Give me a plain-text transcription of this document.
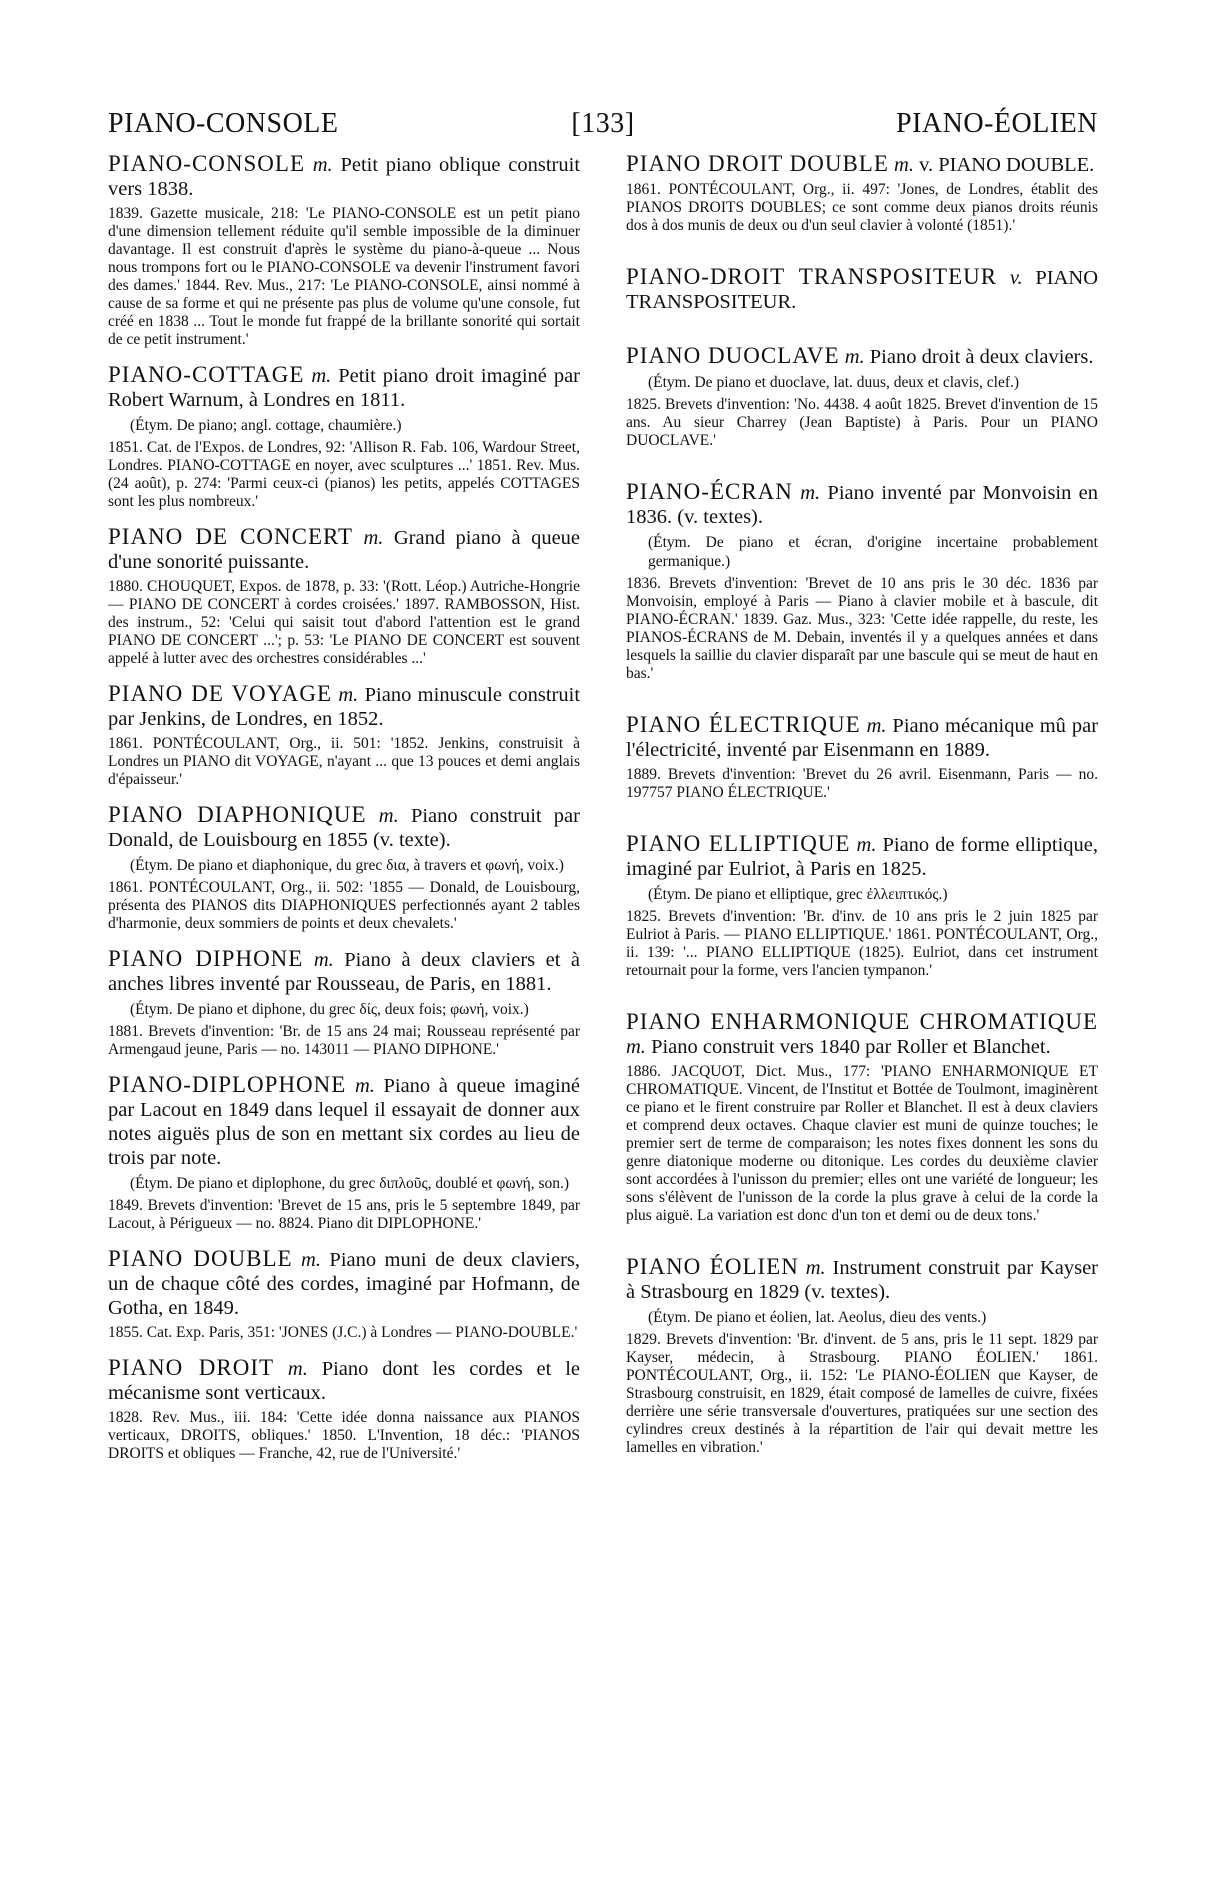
PIANO-CONSOLE	[133]	PIANO-ÉOLIEN

PIANO-CONSOLE m. Petit piano oblique construit vers 1838.

1839. Gazette musicale, 218: 'Le PIANO-CONSOLE est un petit piano d'une dimension tellement réduite qu'il semble impossible de la diminuer davantage. Il est construit d'après le système du piano-à-queue ... Nous nous trompons fort ou le PIANO-CONSOLE va devenir l'instrument favori des dames.' 1844. Rev. Mus., 217: 'Le PIANO-CONSOLE, ainsi nommé à cause de sa forme et qui ne présente pas plus de volume qu'une console, fut créé en 1838 ... Tout le monde fut frappé de la brillante sonorité qui sortait de ce petit instrument.'

PIANO-COTTAGE m. Petit piano droit imaginé par Robert Warnum, à Londres en 1811.

(Étym. De piano; angl. cottage, chaumière.)

1851. Cat. de l'Expos. de Londres, 92: 'Allison R. Fab. 106, Wardour Street, Londres. PIANO-COTTAGE en noyer, avec sculptures ...' 1851. Rev. Mus. (24 août), p. 274: 'Parmi ceux-ci (pianos) les petits, appelés COTTAGES sont les plus nombreux.'

PIANO DE CONCERT m. Grand piano à queue d'une sonorité puissante.

1880. CHOUQUET, Expos. de 1878, p. 33: '(Rott. Léop.) Autriche-Hongrie — PIANO DE CONCERT à cordes croisées.' 1897. RAMBOSSON, Hist. des instrum., 52: 'Celui qui saisit tout d'abord l'attention est le grand PIANO DE CONCERT ...'; p. 53: 'Le PIANO DE CONCERT est souvent appelé à lutter avec des orchestres considérables ...'

PIANO DE VOYAGE m. Piano minuscule construit par Jenkins, de Londres, en 1852.

1861. PONTÉCOULANT, Org., ii. 501: '1852. Jenkins, construisit à Londres un PIANO dit VOYAGE, n'ayant ... que 13 pouces et demi anglais d'épaisseur.'

PIANO DIAPHONIQUE m. Piano construit par Donald, de Louisbourg en 1855 (v. texte).

(Étym. De piano et diaphonique, du grec δια, à travers et φωνή, voix.)

1861. PONTÉCOULANT, Org., ii. 502: '1855 — Donald, de Louisbourg, présenta des PIANOS dits DIAPHONIQUES perfectionnés ayant 2 tables d'harmonie, deux sommiers de points et deux chevalets.'

PIANO DIPHONE m. Piano à deux claviers et à anches libres inventé par Rousseau, de Paris, en 1881.

(Étym. De piano et diphone, du grec δίς, deux fois; φωνή, voix.)

1881. Brevets d'invention: 'Br. de 15 ans 24 mai; Rousseau représenté par Armengaud jeune, Paris — no. 143011 — PIANO DIPHONE.'

PIANO-DIPLOPHONE m. Piano à queue imaginé par Lacout en 1849 dans lequel il essayait de donner aux notes aiguës plus de son en mettant six cordes au lieu de trois par note.

(Étym. De piano et diplophone, du grec διπλοῦς, doublé et φωνή, son.)

1849. Brevets d'invention: 'Brevet de 15 ans, pris le 5 septembre 1849, par Lacout, à Périgueux — no. 8824. Piano dit DIPLOPHONE.'

PIANO DOUBLE m. Piano muni de deux claviers, un de chaque côté des cordes, imaginé par Hofmann, de Gotha, en 1849.

1855. Cat. Exp. Paris, 351: 'JONES (J.C.) à Londres — PIANO-DOUBLE.'

PIANO DROIT m. Piano dont les cordes et le mécanisme sont verticaux.

1828. Rev. Mus., iii. 184: 'Cette idée donna naissance aux PIANOS verticaux, DROITS, obliques.' 1850. L'Invention, 18 déc.: 'PIANOS DROITS et obliques — Franche, 42, rue de l'Université.'

PIANO DROIT DOUBLE m. v. PIANO DOUBLE.

1861. PONTÉCOULANT, Org., ii. 497: 'Jones, de Londres, établit des PIANOS DROITS DOUBLES; ce sont comme deux pianos droits réunis dos à dos munis de deux ou d'un seul clavier à volonté (1851).'

PIANO-DROIT TRANSPOSITEUR v. PIANO TRANSPOSITEUR.

PIANO DUOCLAVE m. Piano droit à deux claviers.

(Étym. De piano et duoclave, lat. duus, deux et clavis, clef.)

1825. Brevets d'invention: 'No. 4438. 4 août 1825. Brevet d'invention de 15 ans. Au sieur Charrey (Jean Baptiste) à Paris. Pour un PIANO DUOCLAVE.'

PIANO-ÉCRAN m. Piano inventé par Monvoisin en 1836. (v. textes).

(Étym. De piano et écran, d'origine incertaine probablement germanique.)

1836. Brevets d'invention: 'Brevet de 10 ans pris le 30 déc. 1836 par Monvoisin, employé à Paris — Piano à clavier mobile et à bascule, dit PIANO-ÉCRAN.' 1839. Gaz. Mus., 323: 'Cette idée rappelle, du reste, les PIANOS-ÉCRANS de M. Debain, inventés il y a quelques années et dans lesquels la saillie du clavier disparaît par une bascule qui se meut de haut en bas.'

PIANO ÉLECTRIQUE m. Piano mécanique mû par l'électricité, inventé par Eisenmann en 1889.

1889. Brevets d'invention: 'Brevet du 26 avril. Eisenmann, Paris — no. 197757 PIANO ÉLECTRIQUE.'

PIANO ELLIPTIQUE m. Piano de forme elliptique, imaginé par Eulriot, à Paris en 1825.

(Étym. De piano et elliptique, grec ἐλλειπτικός.)

1825. Brevets d'invention: 'Br. d'inv. de 10 ans pris le 2 juin 1825 par Eulriot à Paris. — PIANO ELLIPTIQUE.' 1861. PONTÉCOULANT, Org., ii. 139: '... PIANO ELLIPTIQUE (1825). Eulriot, dans cet instrument retournait pour la forme, vers l'ancien tympanon.'

PIANO ENHARMONIQUE CHROMATIQUE m. Piano construit vers 1840 par Roller et Blanchet.

1886. JACQUOT, Dict. Mus., 177: 'PIANO ENHARMONIQUE ET CHROMATIQUE. Vincent, de l'Institut et Bottée de Toulmont, imaginèrent ce piano et le firent construire par Roller et Blanchet. Il est à deux claviers et comprend deux octaves. Chaque clavier est muni de quinze touches; le premier sert de terme de comparaison; les notes fixes donnent les sons du genre diatonique moderne ou ditonique. Les cordes du deuxième clavier sont accordées à l'unisson du premier; elles ont une variété de longueur; les sons s'élèvent de l'unisson de la corde la plus grave à celui de la corde la plus aiguë. La variation est donc d'un ton et demi ou de deux tons.'

PIANO ÉOLIEN m. Instrument construit par Kayser à Strasbourg en 1829 (v. textes).

(Étym. De piano et éolien, lat. Aeolus, dieu des vents.)

1829. Brevets d'invention: 'Br. d'invent. de 5 ans, pris le 11 sept. 1829 par Kayser, médecin, à Strasbourg. PIANO ÉOLIEN.' 1861. PONTÉCOULANT, Org., ii. 152: 'Le PIANO-ÉOLIEN que Kayser, de Strasbourg construisit, en 1829, était composé de lamelles de cuivre, fixées derrière une série transversale d'ouvertures, pratiquées sur une section des cylindres creux destinés à la répartition de l'air qui devait mettre les lamelles en vibration.'
